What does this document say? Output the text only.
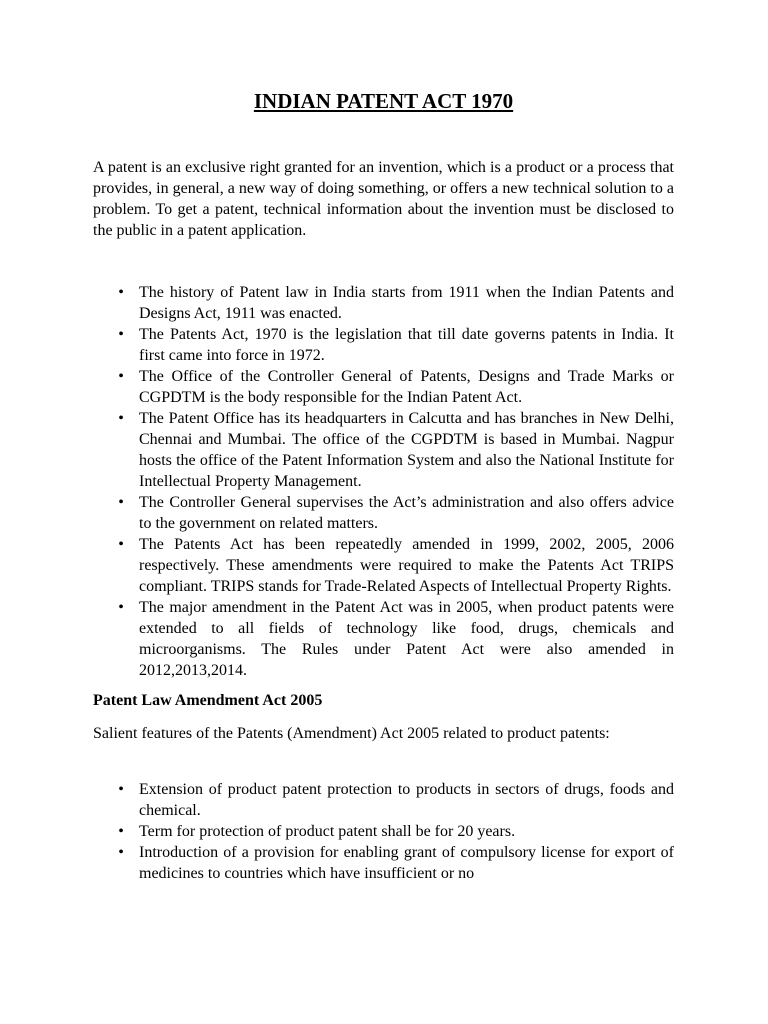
INDIAN PATENT ACT 1970

A patent is an exclusive right granted for an invention, which is a product or a process that provides, in general, a new way of doing something, or offers a new technical solution to a problem. To get a patent, technical information about the invention must be disclosed to the public in a patent application.

• The history of Patent law in India starts from 1911 when the Indian Patents and Designs Act, 1911 was enacted.
• The Patents Act, 1970 is the legislation that till date governs patents in India. It first came into force in 1972.
• The Office of the Controller General of Patents, Designs and Trade Marks or CGPDTM is the body responsible for the Indian Patent Act.
• The Patent Office has its headquarters in Calcutta and has branches in New Delhi, Chennai and Mumbai. The office of the CGPDTM is based in Mumbai. Nagpur hosts the office of the Patent Information System and also the National Institute for Intellectual Property Management.
• The Controller General supervises the Act’s administration and also offers advice to the government on related matters.
• The Patents Act has been repeatedly amended in 1999, 2002, 2005, 2006 respectively. These amendments were required to make the Patents Act TRIPS compliant. TRIPS stands for Trade-Related Aspects of Intellectual Property Rights.
• The major amendment in the Patent Act was in 2005, when product patents were extended to all fields of technology like food, drugs, chemicals and microorganisms. The Rules under Patent Act were also amended in 2012,2013,2014.

Patent Law Amendment Act 2005

Salient features of the Patents (Amendment) Act 2005 related to product patents:

• Extension of product patent protection to products in sectors of drugs, foods and chemical.
• Term for protection of product patent shall be for 20 years.
• Introduction of a provision for enabling grant of compulsory license for export of medicines to countries which have insufficient or no
